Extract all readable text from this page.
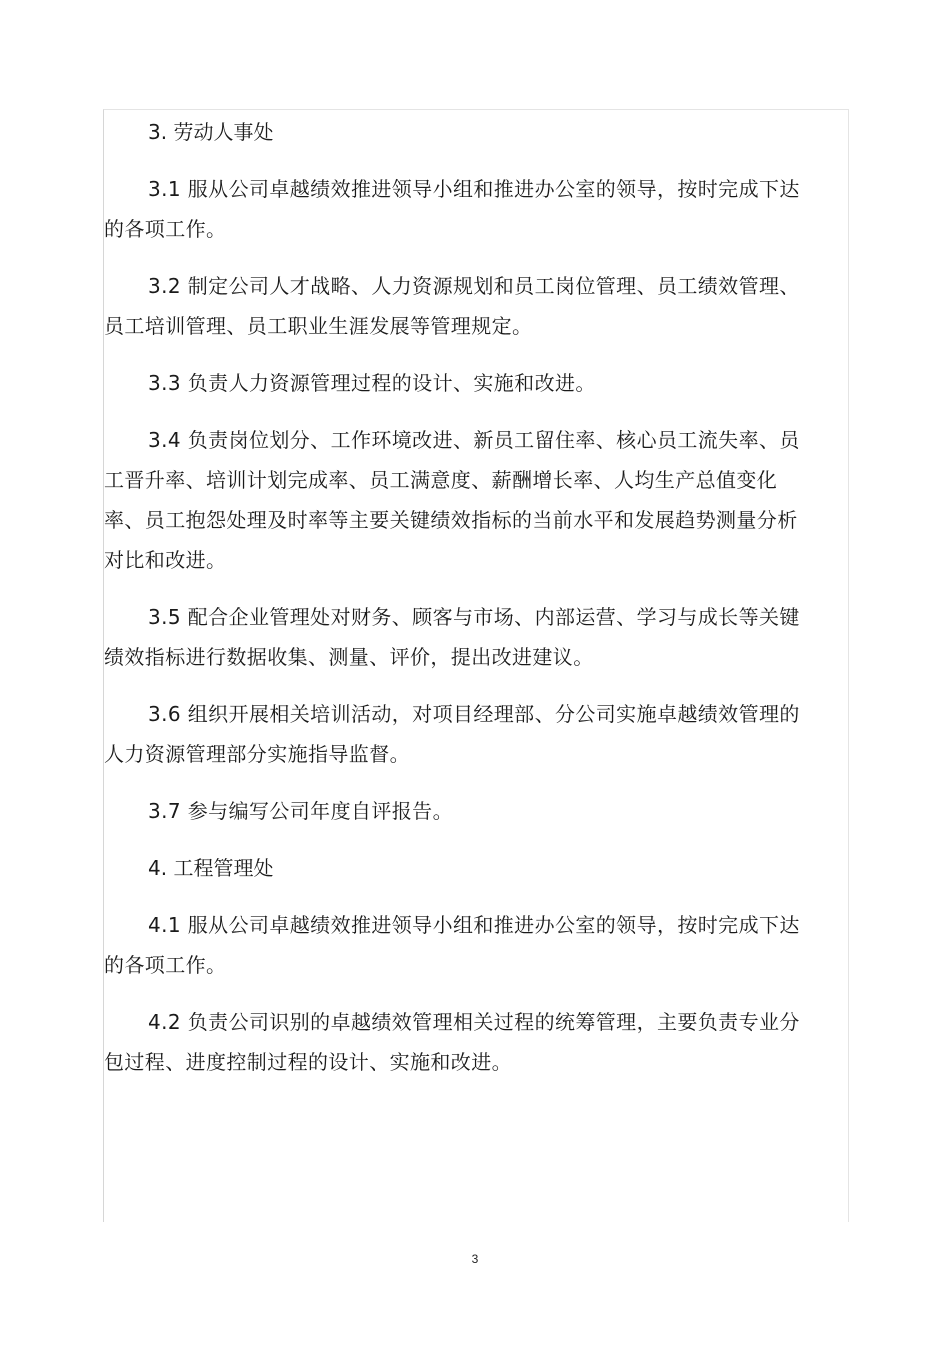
3. 劳动人事处

3.1 服从公司卓越绩效推进领导小组和推进办公室的领导，按时完成下达的各项工作。

3.2 制定公司人才战略、人力资源规划和员工岗位管理、员工绩效管理、员工培训管理、员工职业生涯发展等管理规定。

3.3 负责人力资源管理过程的设计、实施和改进。

3.4 负责岗位划分、工作环境改进、新员工留住率、核心员工流失率、员工晋升率、培训计划完成率、员工满意度、薪酬增长率、人均生产总值变化率、员工抱怨处理及时率等主要关键绩效指标的当前水平和发展趋势测量分析对比和改进。

3.5 配合企业管理处对财务、顾客与市场、内部运营、学习与成长等关键绩效指标进行数据收集、测量、评价，提出改进建议。

3.6 组织开展相关培训活动，对项目经理部、分公司实施卓越绩效管理的人力资源管理部分实施指导监督。

3.7 参与编写公司年度自评报告。

4. 工程管理处

4.1 服从公司卓越绩效推进领导小组和推进办公室的领导，按时完成下达的各项工作。

4.2 负责公司识别的卓越绩效管理相关过程的统筹管理，主要负责专业分包过程、进度控制过程的设计、实施和改进。

3
